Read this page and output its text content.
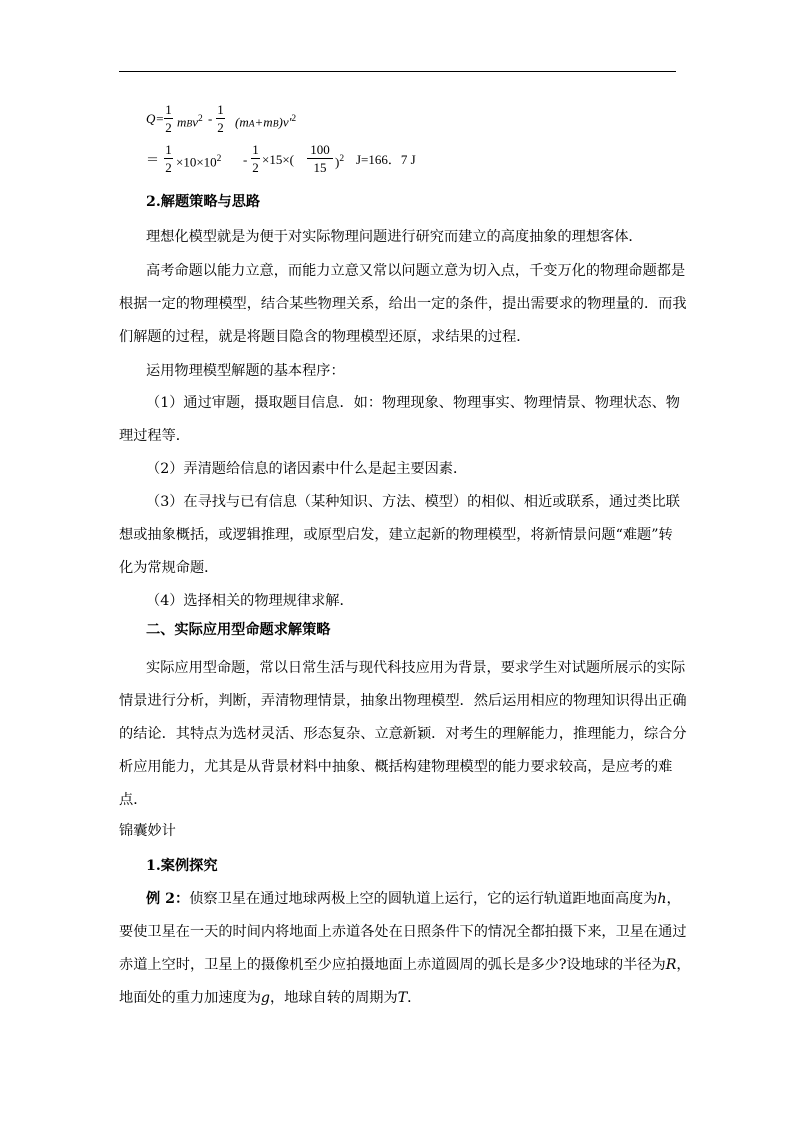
Q=
1
2 mBv$^2$ -
1
2 $(mA+mB)v'^2$
＝
1
$2 \times 10\times 10^2$ -
1
2
×15×(
100
15 )$^2$ J=166．7 J
2.解题策略与思路
理想化模型就是为便于对实际物理问题进行研究而建立的高度抽象的理想客体．
高考命题以能力立意，而能力立意又常以问题立意为切入点，千变万化的物理命题都是
根据一定的物理模型，结合某些物理关系，给出一定的条件，提出需要求的物理量的．而我
们解题的过程，就是将题目隐含的物理模型还原，求结果的过程．
运用物理模型解题的基本程序：
（1）通过审题，摄取题目信息．如：物理现象、物理事实、物理情景、物理状态、物
理过程等．
（2）弄清题给信息的诸因素中什么是起主要因素．
（3）在寻找与已有信息（某种知识、方法、模型）的相似、相近或联系，通过类比联
想或抽象概括，或逻辑推理，或原型启发，建立起新的物理模型，将新情景问题“难题”转
化为常规命题．
（4）选择相关的物理规律求解．
二、实际应用型命题求解策略
实际应用型命题，常以日常生活与现代科技应用为背景，要求学生对试题所展示的实际
情景进行分析，判断，弄清物理情景，抽象出物理模型．然后运用相应的物理知识得出正确
的结论．其特点为选材灵活、形态复杂、立意新颖．对考生的理解能力，推理能力，综合分
析应用能力，尤其是从背景材料中抽象、概括构建物理模型的能力要求较高，是应考的难
点．
锦囊妙计
1.案例探究
例 2：侦察卫星在通过地球两极上空的圆轨道上运行，它的运行轨道距地面高度为h，
要使卫星在一天的时间内将地面上赤道各处在日照条件下的情况全都拍摄下来，卫星在通过
赤道上空时，卫星上的摄像机至少应拍摄地面上赤道圆周的弧长是多少?设地球的半径为R，
地面处的重力加速度为g，地球自转的周期为T．
